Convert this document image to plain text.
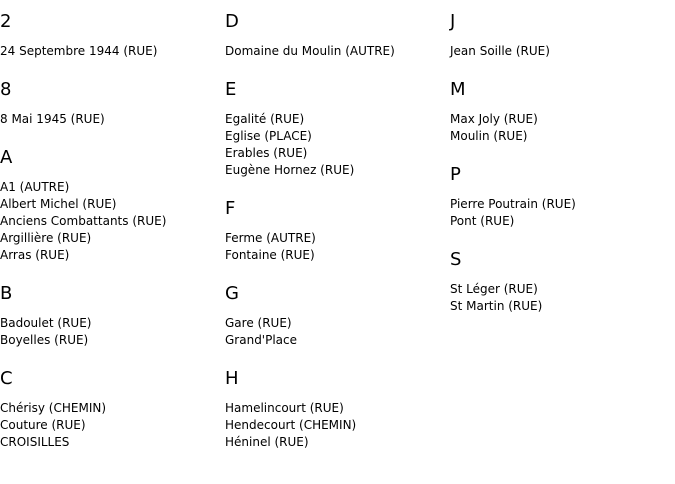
2
24 Septembre 1944 (RUE)
8
8 Mai 1945 (RUE)
A
A1 (AUTRE)
Albert Michel (RUE)
Anciens Combattants (RUE)
Argillière (RUE)
Arras (RUE)
B
Badoulet (RUE)
Boyelles (RUE)
C
Chérisy (CHEMIN)
Couture (RUE)
CROISILLES
D
Domaine du Moulin (AUTRE)
E
Egalité (RUE)
Eglise (PLACE)
Erables (RUE)
Eugène Hornez (RUE)
F
Ferme (AUTRE)
Fontaine (RUE)
G
Gare (RUE)
Grand'Place
H
Hamelincourt (RUE)
Hendecourt (CHEMIN)
Héninel (RUE)
J
Jean Soille (RUE)
M
Max Joly (RUE)
Moulin (RUE)
P
Pierre Poutrain (RUE)
Pont (RUE)
S
St Léger (RUE)
St Martin (RUE)
